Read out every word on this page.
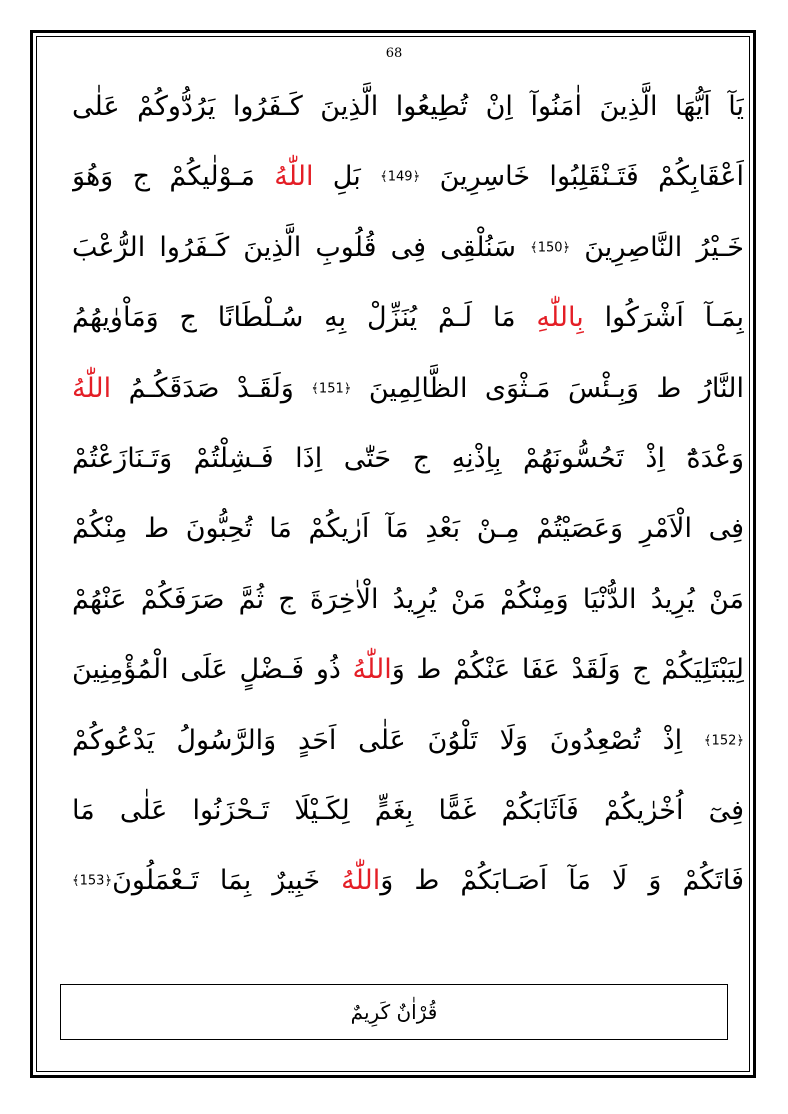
68
يَآ اَيُّهَا الَّذِينَ اٰمَنُوآ اِنْ تُطِيعُوا الَّذِينَ كَـفَرُوا يَرُدُّوكُمْ عَلٰى
اَعْقَابِكُمْ فَتَـنْقَلِبُوا خَاسِرِينَ ﴿149﴾ بَلِ اللّٰهُ مَـوْلٰيكُمْ ج وَهُوَ
خَـيْرُ النَّاصِرِينَ ﴿150﴾ سَنُلْقِى فِى قُلُوبِ الَّذِينَ كَـفَرُوا الرُّعْبَ
بِمَـآ اَشْرَكُوا بِاللّٰهِ مَا لَـمْ يُنَزِّلْ بِهِ سُـلْطَانًا ج وَمَاْوٰيهُمُ
النَّارُ ط وَبِـئْسَ مَـثْوَى الظَّالِمِينَ ﴿151﴾ وَلَقَـدْ صَدَقَكُـمُ اللّٰهُ
وَعْدَهُٓ اِذْ تَحُسُّونَهُمْ بِاِذْنِهِ ج حَتّٰى اِذَا فَـشِلْتُمْ وَتَـنَازَعْتُمْ
فِى الْاَمْرِ وَعَصَيْتُمْ مِـنْ بَعْدِ مَآ اَرٰيكُمْ مَا تُحِبُّونَ ط مِنْكُمْ
مَنْ يُرِيدُ الدُّنْيَا وَمِنْكُمْ مَنْ يُرِيدُ الْاٰخِرَةَ ج ثُمَّ صَرَفَكُمْ عَنْهُمْ
لِيَبْتَلِيَكُمْ ج وَلَقَدْ عَفَا عَنْكُمْ ط وَاللّٰهُ ذُو فَـضْلٍ عَلَى الْمُؤْمِنِينَ
﴿152﴾ اِذْ تُصْعِدُونَ وَلَا تَلْوُنَ عَلٰى اَحَدٍ وَالرَّسُولُ يَدْعُوكُمْ
فِىٓ اُخْرٰيكُمْ فَاَثَابَكُمْ غَمًّا بِغَمٍّ لِكَـيْلَا تَـحْزَنُوا عَلٰى مَا
فَاتَكُمْ وَ لَا مَآ اَصَـابَكُمْ ط وَاللّٰهُ خَبِيرٌ بِمَا تَـعْمَلُونَ﴿153﴾
قُرْاٰنٌ كَرِيمٌ
